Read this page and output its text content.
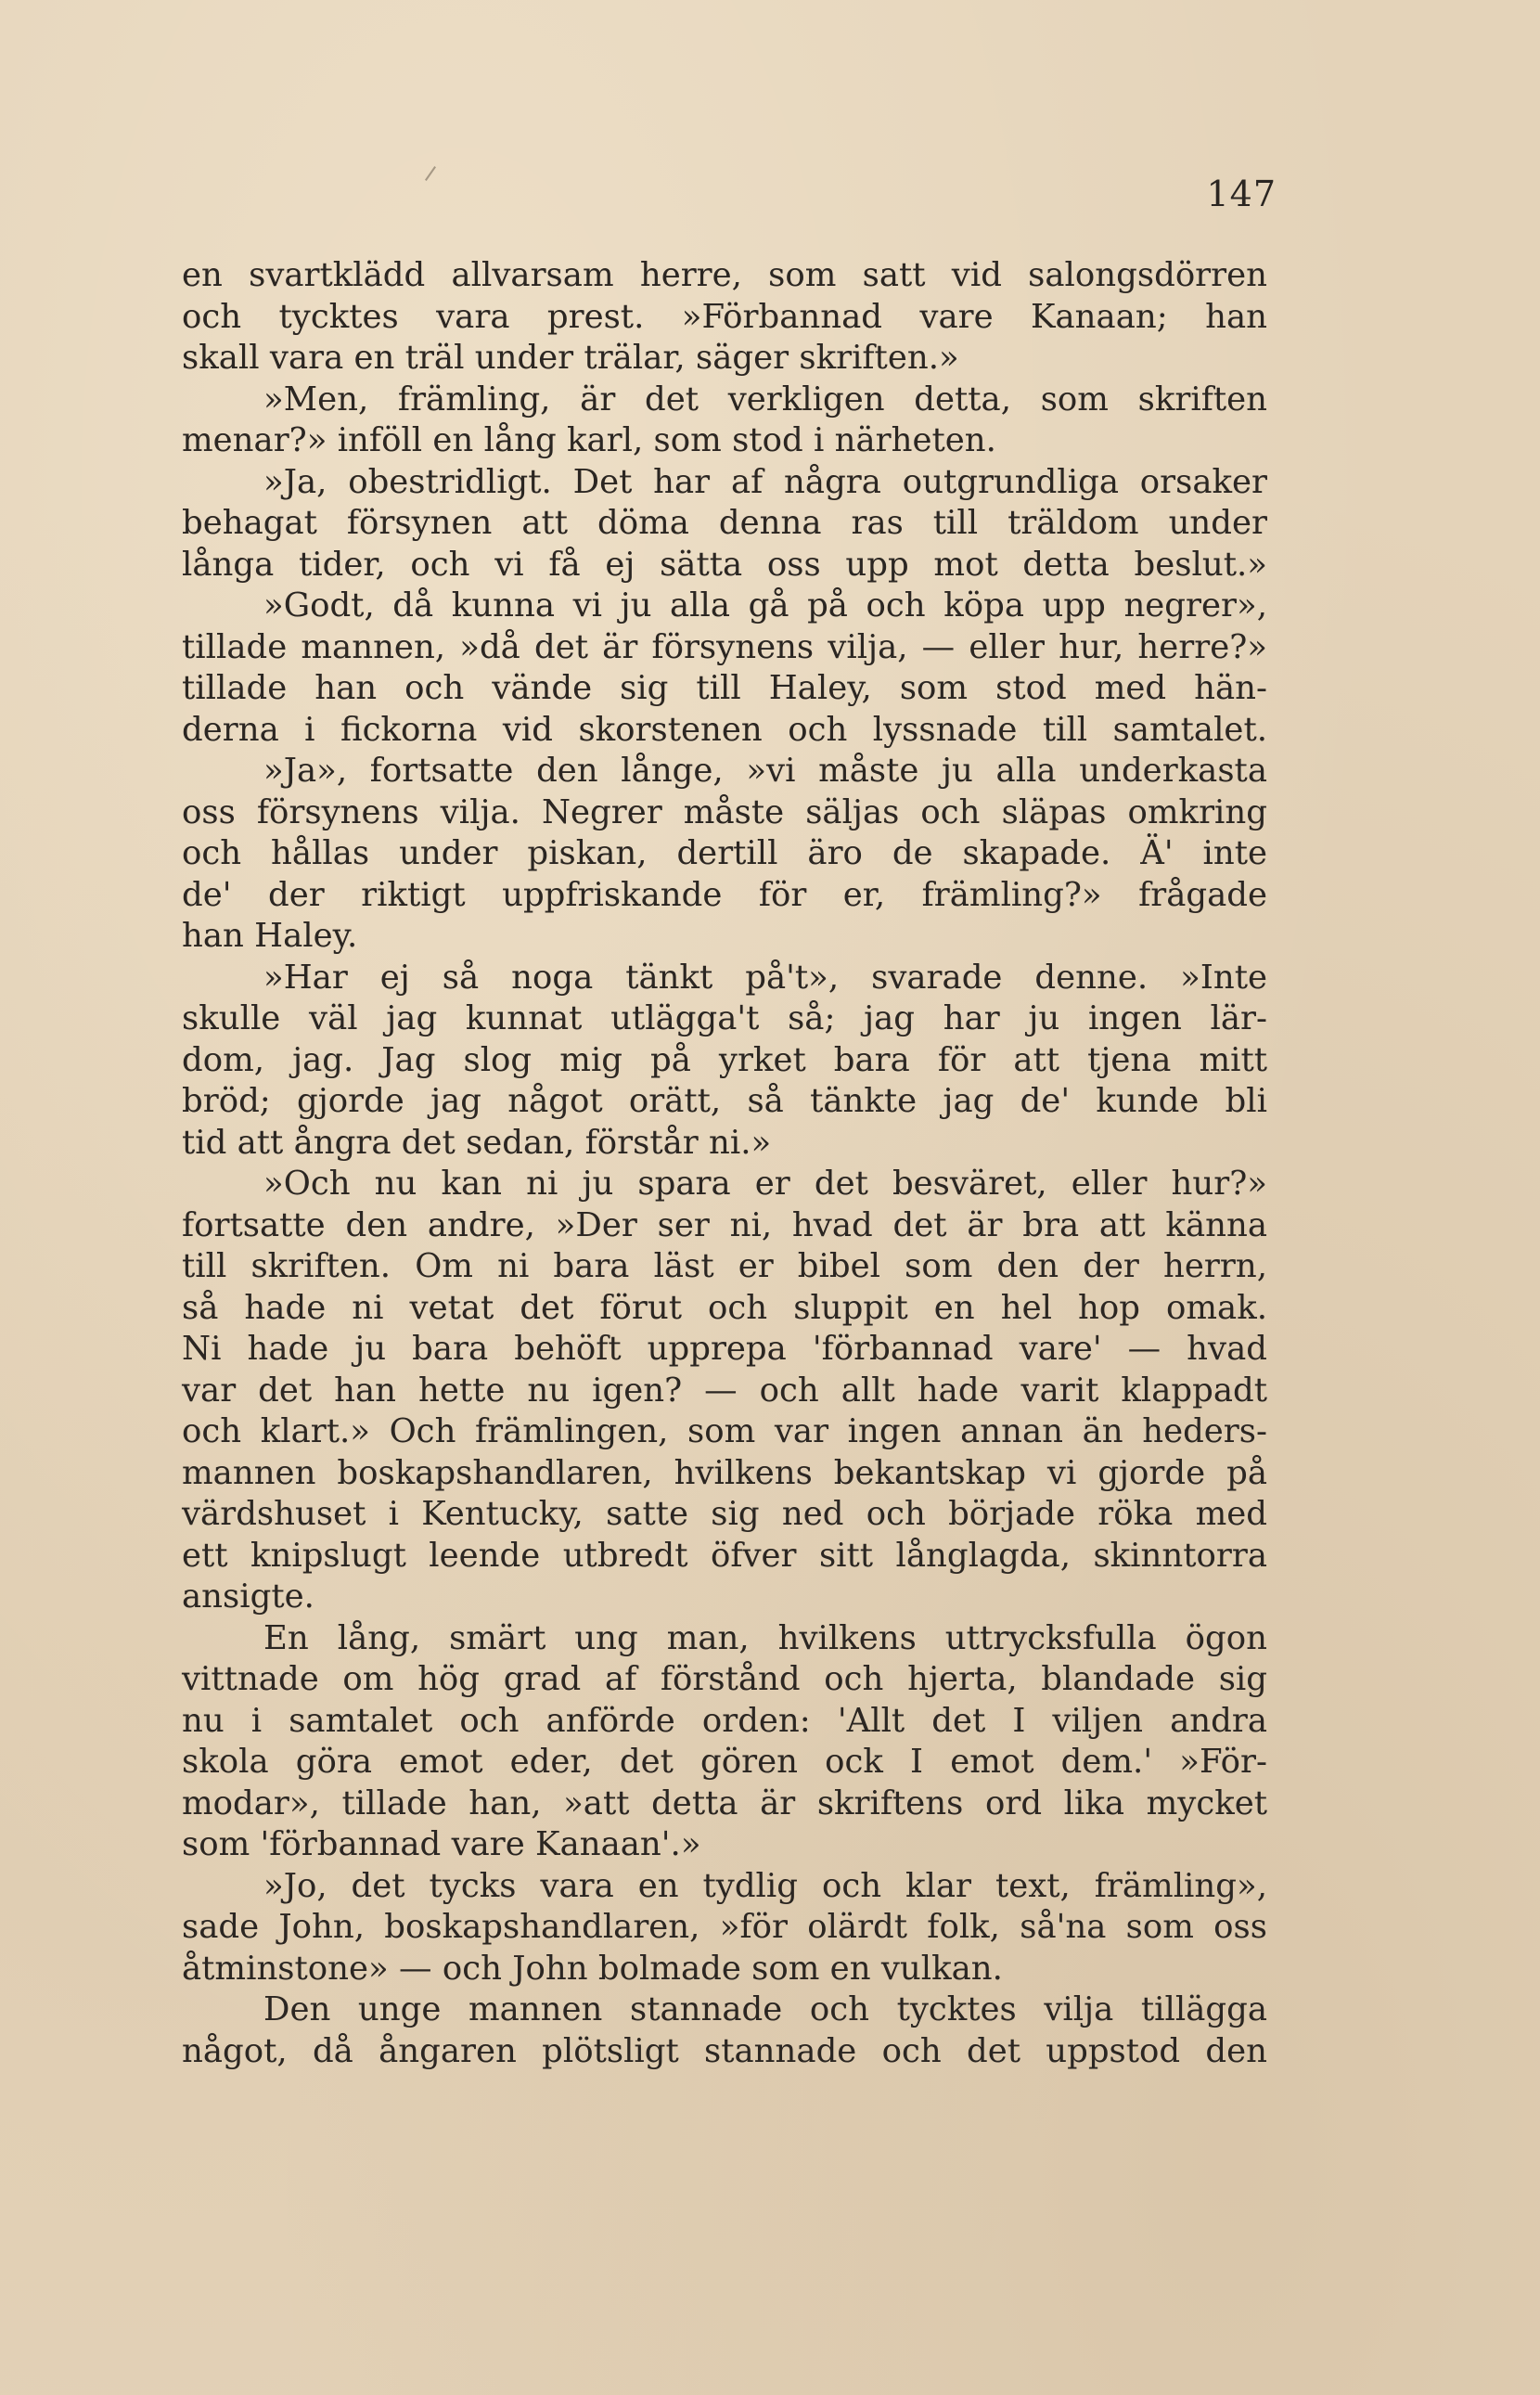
147
en svartklädd allvarsam herre, som satt vid salongsdörren
och tycktes vara prest. »Förbannad vare Kanaan; han
skall vara en träl under trälar, säger skriften.»
»Men, främling, är det verkligen detta, som skriften
menar?» inföll en lång karl, som stod i närheten.
»Ja, obestridligt. Det har af några outgrundliga orsaker
behagat försynen att döma denna ras till träldom under
långa tider, och vi få ej sätta oss upp mot detta beslut.»
»Godt, då kunna vi ju alla gå på och köpa upp negrer»,
tillade mannen, »då det är försynens vilja, — eller hur, herre?»
tillade han och vände sig till Haley, som stod med hän-
derna i fickorna vid skorstenen och lyssnade till samtalet.
»Ja», fortsatte den långe, »vi måste ju alla underkasta
oss försynens vilja. Negrer måste säljas och släpas omkring
och hållas under piskan, dertill äro de skapade. Ä' inte
de' der riktigt uppfriskande för er, främling?» frågade
han Haley.
»Har ej så noga tänkt på't», svarade denne. »Inte
skulle väl jag kunnat utlägga't så; jag har ju ingen lär-
dom, jag. Jag slog mig på yrket bara för att tjena mitt
bröd; gjorde jag något orätt, så tänkte jag de' kunde bli
tid att ångra det sedan, förstår ni.»
»Och nu kan ni ju spara er det besväret, eller hur?»
fortsatte den andre, »Der ser ni, hvad det är bra att känna
till skriften. Om ni bara läst er bibel som den der herrn,
så hade ni vetat det förut och sluppit en hel hop omak.
Ni hade ju bara behöft upprepa 'förbannad vare' — hvad
var det han hette nu igen? — och allt hade varit klappadt
och klart.» Och främlingen, som var ingen annan än heders-
mannen boskapshandlaren, hvilkens bekantskap vi gjorde på
värdshuset i Kentucky, satte sig ned och började röka med
ett knipslugt leende utbredt öfver sitt långlagda, skinntorra
ansigte.
En lång, smärt ung man, hvilkens uttrycksfulla ögon
vittnade om hög grad af förstånd och hjerta, blandade sig
nu i samtalet och anförde orden: 'Allt det I viljen andra
skola göra emot eder, det gören ock I emot dem.' »För-
modar», tillade han, »att detta är skriftens ord lika mycket
som 'förbannad vare Kanaan'.»
»Jo, det tycks vara en tydlig och klar text, främling»,
sade John, boskapshandlaren, »för olärdt folk, så'na som oss
åtminstone» — och John bolmade som en vulkan.
Den unge mannen stannade och tycktes vilja tillägga
något, då ångaren plötsligt stannade och det uppstod den
